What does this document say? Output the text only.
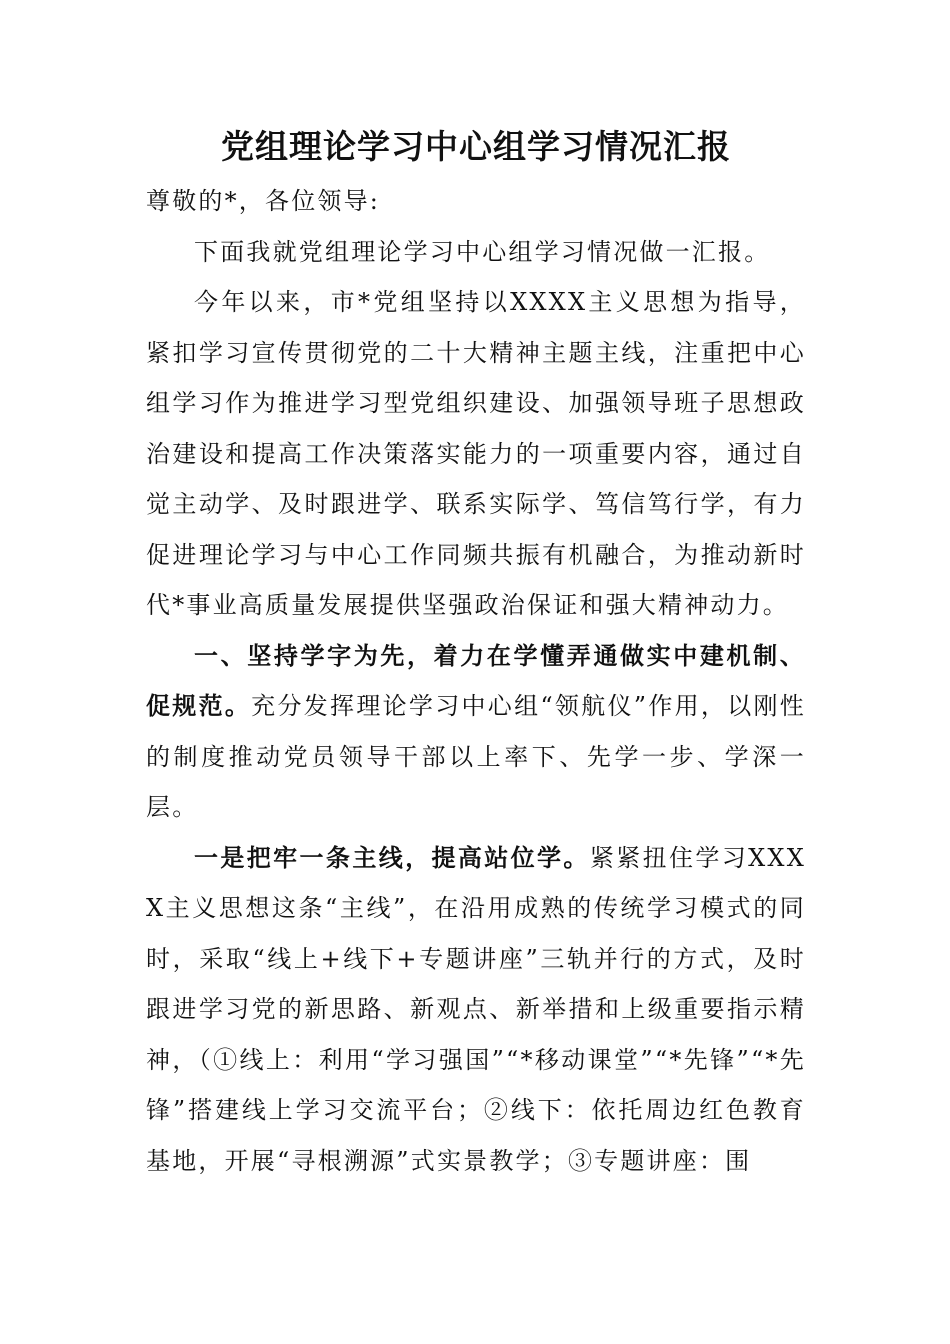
党组理论学习中心组学习情况汇报

尊敬的*，各位领导:

下面我就党组理论学习中心组学习情况做一汇报。

今年以来，市*党组坚持以XXXX主义思想为指导，紧扣学习宣传贯彻党的二十大精神主题主线，注重把中心组学习作为推进学习型党组织建设、加强领导班子思想政治建设和提高工作决策落实能力的一项重要内容，通过自觉主动学、及时跟进学、联系实际学、笃信笃行学，有力促进理论学习与中心工作同频共振有机融合，为推动新时代*事业高质量发展提供坚强政治保证和强大精神动力。

一、坚持学字为先，着力在学懂弄通做实中建机制、促规范。充分发挥理论学习中心组“领航仪”作用，以刚性的制度推动党员领导干部以上率下、先学一步、学深一层。

一是把牢一条主线，提高站位学。紧紧扭住学习XXXX主义思想这条“主线”，在沿用成熟的传统学习模式的同时，采取“线上+线下+专题讲座”三轨并行的方式，及时跟进学习党的新思路、新观点、新举措和上级重要指示精神，（①线上：利用“学习强国”“*移动课堂”“*先锋”“*先锋”搭建线上学习交流平台；②线下：依托周边红色教育基地，开展“寻根溯源”式实景教学；③专题讲座：围
